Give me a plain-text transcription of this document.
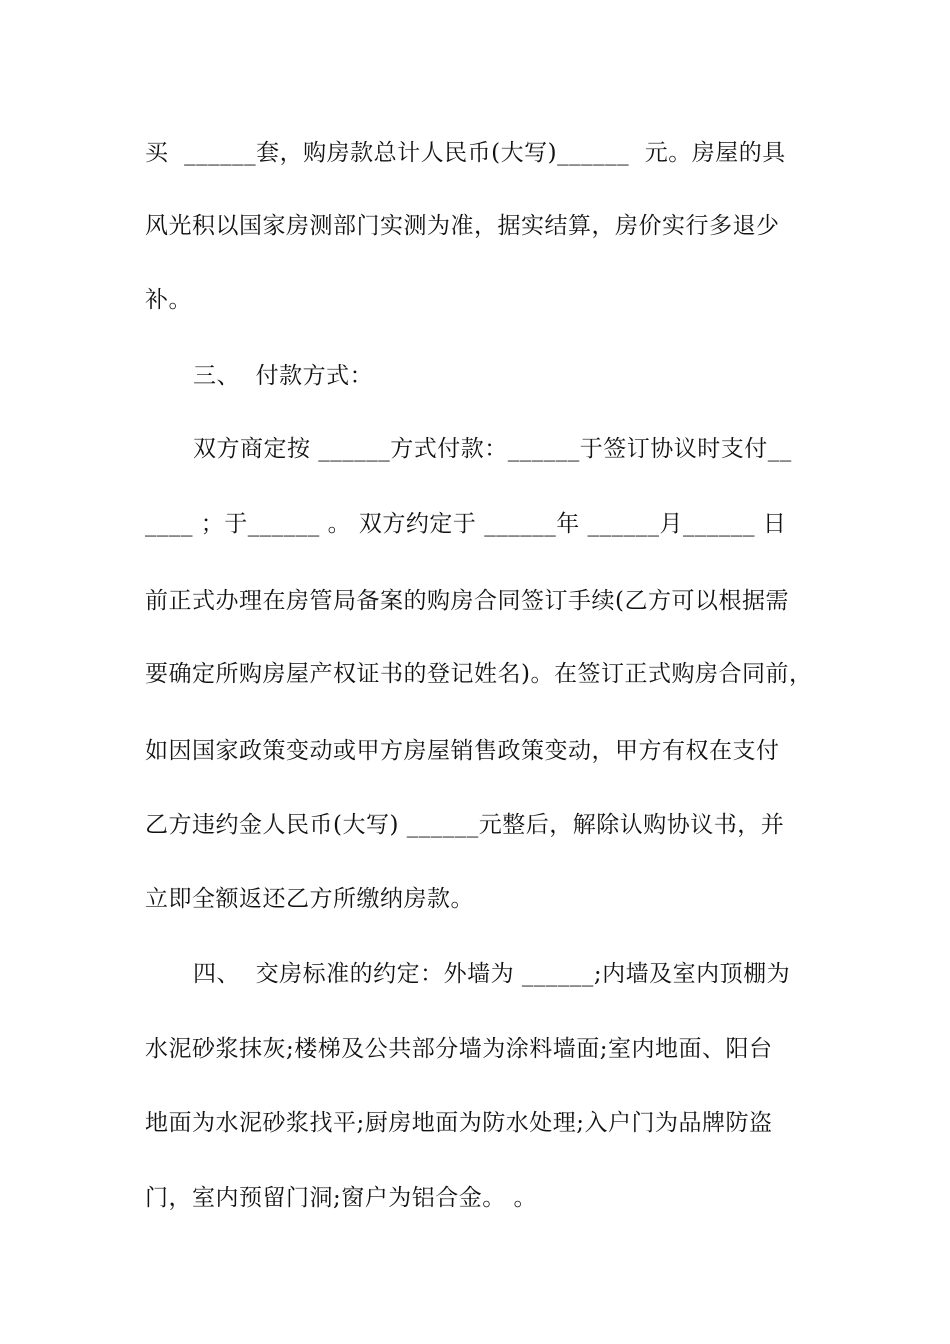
买  ______套，购房款总计人民币(大写)______  元。房屋的具
风光积以国家房测部门实测为准，据实结算，房价实行多退少
补。
三、  付款方式：
双方商定按 ______方式付款：______于签订协议时支付__
____ ；于______ 。 双方约定于 ______年 ______月______ 日
前正式办理在房管局备案的购房合同签订手续(乙方可以根据需
要确定所购房屋产权证书的登记姓名)。在签订正式购房合同前，
如因国家政策变动或甲方房屋销售政策变动，甲方有权在支付
乙方违约金人民币(大写) ______元整后，解除认购协议书，并
立即全额返还乙方所缴纳房款。
四、  交房标准的约定：外墙为 ______;内墙及室内顶棚为
水泥砂浆抹灰;楼梯及公共部分墙为涂料墙面;室内地面、阳台
地面为水泥砂浆找平;厨房地面为防水处理;入户门为品牌防盗
门，室内预留门洞;窗户为铝合金。 。
